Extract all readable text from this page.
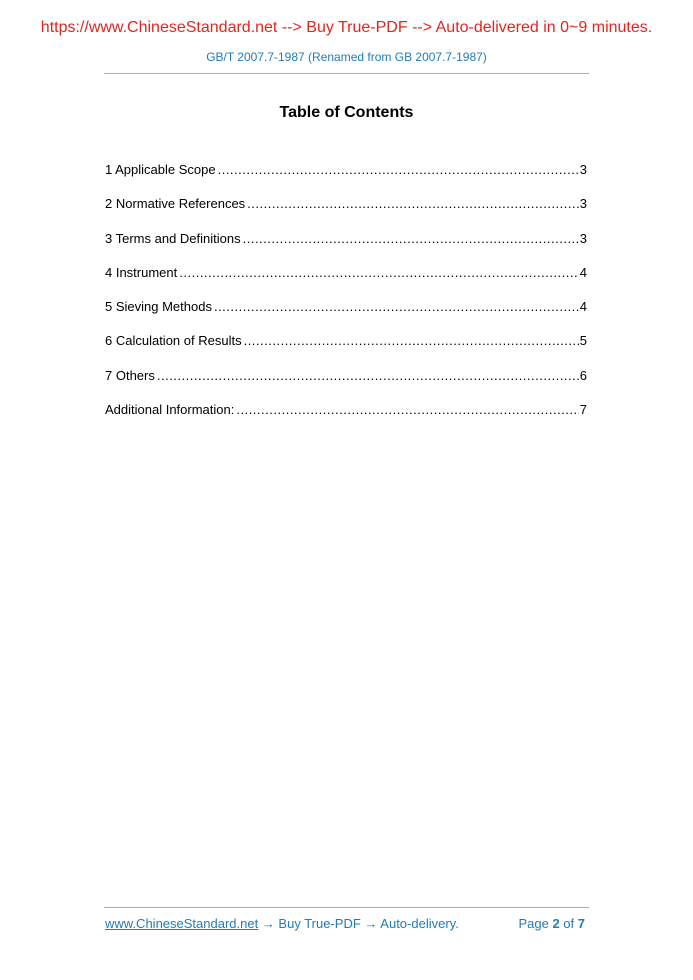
https://www.ChineseStandard.net --> Buy True-PDF --> Auto-delivered in 0~9 minutes.
GB/T 2007.7-1987 (Renamed from GB 2007.7-1987)
Table of Contents
1 Applicable Scope .....	3
2 Normative References .....	3
3 Terms and Definitions .....	3
4 Instrument .....	4
5 Sieving Methods .....	4
6 Calculation of Results .....	5
7 Others .....	6
Additional Information: .....	7
www.ChineseStandard.net → Buy True-PDF → Auto-delivery.	Page 2 of 7
